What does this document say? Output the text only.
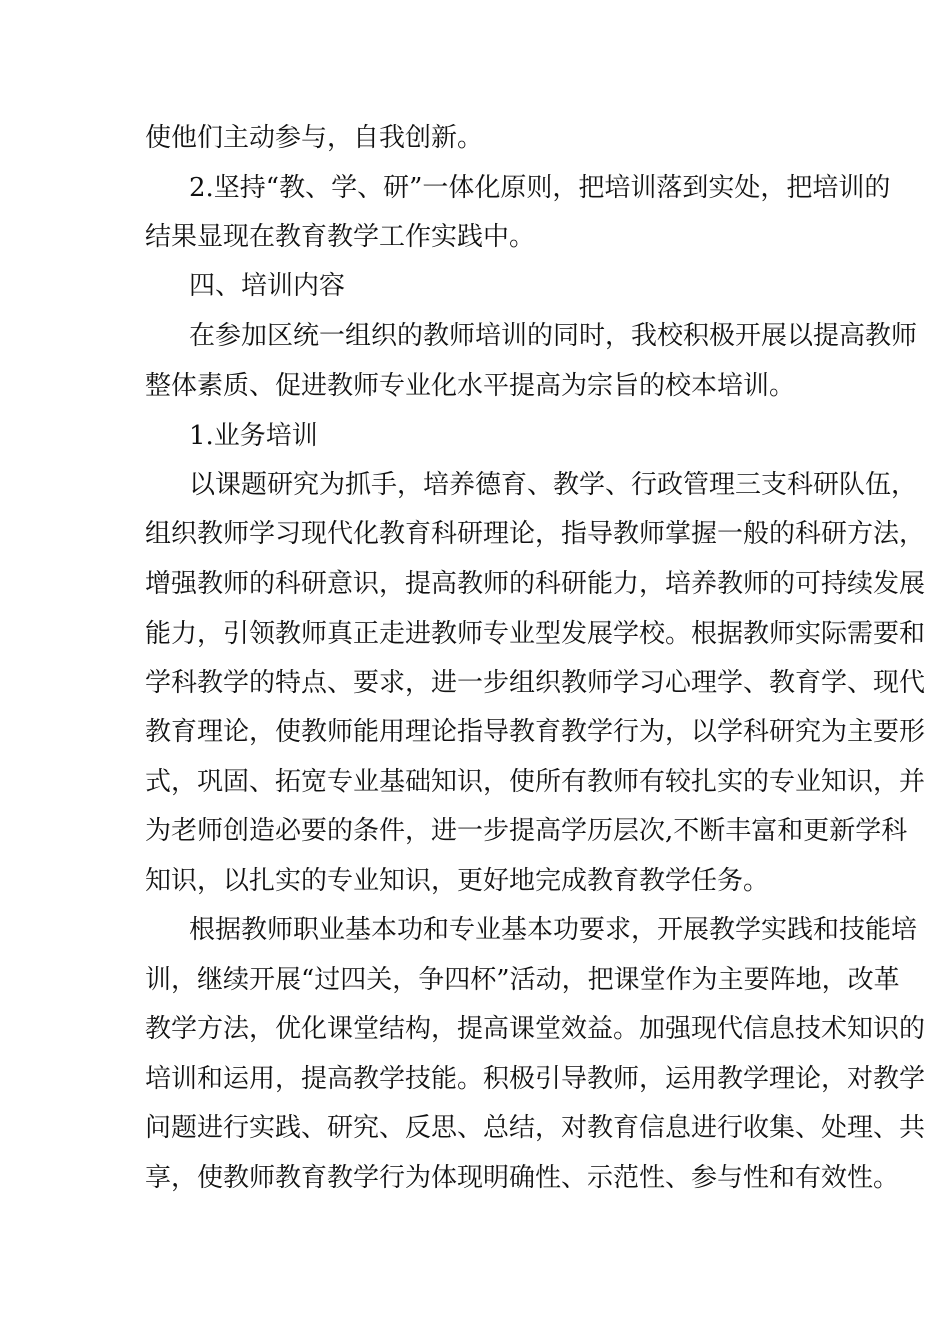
使他们主动参与，自我创新。
2.坚持“教、学、研”一体化原则，把培训落到实处，把培训的
结果显现在教育教学工作实践中。
四、培训内容
在参加区统一组织的教师培训的同时，我校积极开展以提高教师
整体素质、促进教师专业化水平提高为宗旨的校本培训。
1.业务培训
以课题研究为抓手，培养德育、教学、行政管理三支科研队伍，
组织教师学习现代化教育科研理论，指导教师掌握一般的科研方法，
增强教师的科研意识，提高教师的科研能力，培养教师的可持续发展
能力，引领教师真正走进教师专业型发展学校。根据教师实际需要和
学科教学的特点、要求，进一步组织教师学习心理学、教育学、现代
教育理论，使教师能用理论指导教育教学行为，以学科研究为主要形
式，巩固、拓宽专业基础知识，使所有教师有较扎实的专业知识，并
为老师创造必要的条件，进一步提高学历层次,不断丰富和更新学科
知识，以扎实的专业知识，更好地完成教育教学任务。
根据教师职业基本功和专业基本功要求，开展教学实践和技能培
训，继续开展“过四关，争四杯”活动，把课堂作为主要阵地，改革
教学方法，优化课堂结构，提高课堂效益。加强现代信息技术知识的
培训和运用，提高教学技能。积极引导教师，运用教学理论，对教学
问题进行实践、研究、反思、总结，对教育信息进行收集、处理、共
享，使教师教育教学行为体现明确性、示范性、参与性和有效性。
